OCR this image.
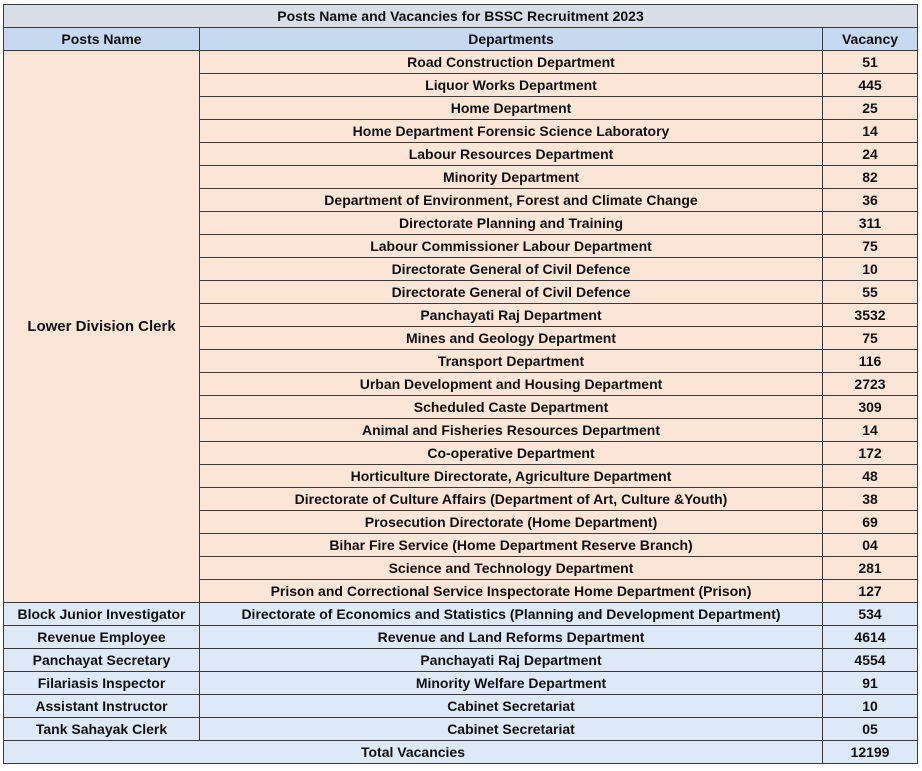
Posts Name and Vacancies for BSSC Recruitment 2023		
Posts Name	Departments	Vacancy
Lower Division Clerk	Road Construction Department	51
	Liquor Works Department	445
	Home Department	25
	Home Department Forensic Science Laboratory	14
	Labour Resources Department	24
	Minority Department	82
	Department of Environment, Forest and Climate Change	36
	Directorate Planning and Training	311
	Labour Commissioner Labour Department	75
	Directorate General of Civil Defence	10
	Directorate General of Civil Defence	55
	Panchayati Raj Department	3532
	Mines and Geology Department	75
	Transport Department	116
	Urban Development and Housing Department	2723
	Scheduled Caste Department	309
	Animal and Fisheries Resources Department	14
	Co-operative Department	172
	Horticulture Directorate, Agriculture Department	48
	Directorate of Culture Affairs (Department of Art, Culture &Youth)	38
	Prosecution Directorate (Home Department)	69
	Bihar Fire Service (Home Department Reserve Branch)	04
	Science and Technology Department	281
	Prison and Correctional Service Inspectorate Home Department (Prison)	127
Block Junior Investigator	Directorate of Economics and Statistics (Planning and Development Department)	534
Revenue Employee	Revenue and Land Reforms Department	4614
Panchayat Secretary	Panchayati Raj Department	4554
Filariasis Inspector	Minority Welfare Department	91
Assistant Instructor	Cabinet Secretariat	10
Tank Sahayak Clerk	Cabinet Secretariat	05
Total Vacancies		12199
